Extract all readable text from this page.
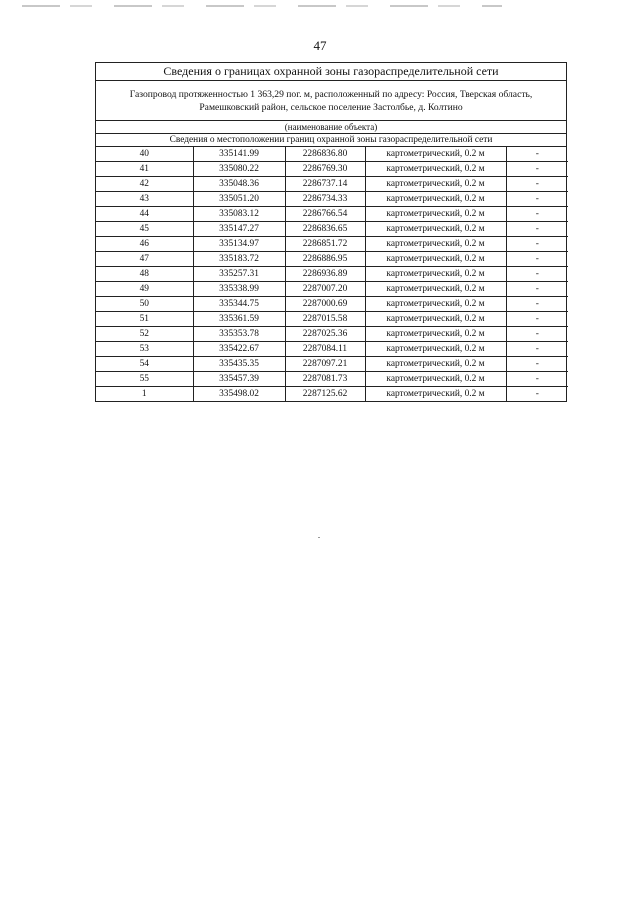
47
Сведения о границах охранной зоны газораспределительной сети
Газопровод протяженностью 1 363,29 пог. м, расположенный по адресу: Россия, Тверская область,
Рамешковский район, сельское поселение Застолбье, д. Колтино
(наименование объекта)
Сведения о местоположении границ охранной зоны газораспределительной сети
40	335141.99	2286836.80	картометрический, 0.2 м	-
41	335080.22	2286769.30	картометрический, 0.2 м	-
42	335048.36	2286737.14	картометрический, 0.2 м	-
43	335051.20	2286734.33	картометрический, 0.2 м	-
44	335083.12	2286766.54	картометрический, 0.2 м	-
45	335147.27	2286836.65	картометрический, 0.2 м	-
46	335134.97	2286851.72	картометрический, 0.2 м	-
47	335183.72	2286886.95	картометрический, 0.2 м	-
48	335257.31	2286936.89	картометрический, 0.2 м	-
49	335338.99	2287007.20	картометрический, 0.2 м	-
50	335344.75	2287000.69	картометрический, 0.2 м	-
51	335361.59	2287015.58	картометрический, 0.2 м	-
52	335353.78	2287025.36	картометрический, 0.2 м	-
53	335422.67	2287084.11	картометрический, 0.2 м	-
54	335435.35	2287097.21	картометрический, 0.2 м	-
55	335457.39	2287081.73	картометрический, 0.2 м	-
1	335498.02	2287125.62	картометрический, 0.2 м	-
